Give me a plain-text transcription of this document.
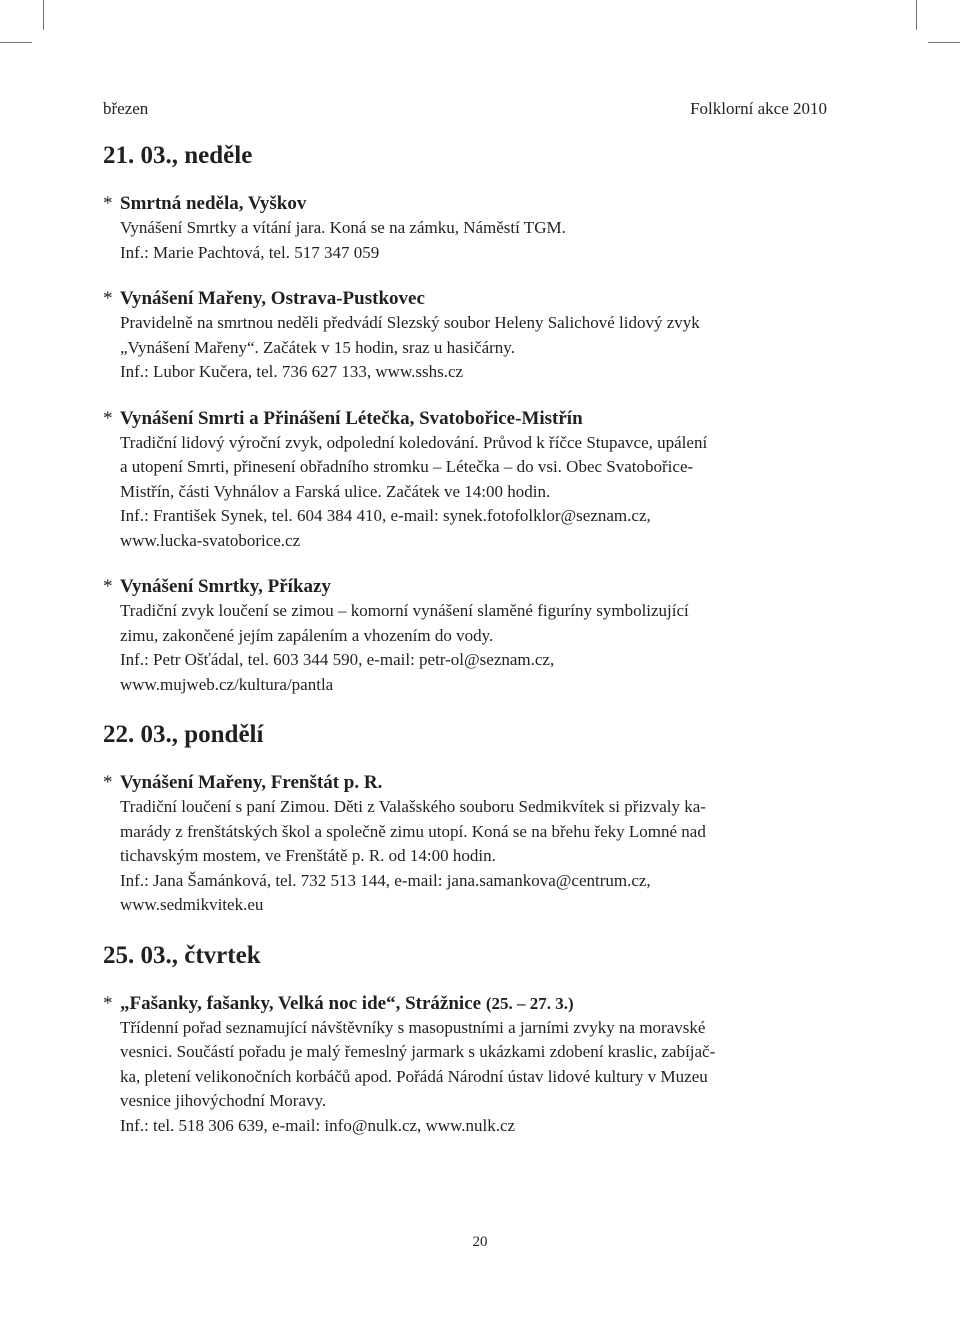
březen	Folklorní akce 2010
21. 03., neděle
* Smrtná neděla, Vyškov
Vynášení Smrtky a vítání jara. Koná se na zámku, Náměstí TGM.
Inf.: Marie Pachtová, tel. 517 347 059
* Vynášení Mařeny, Ostrava-Pustkovec
Pravidelně na smrtnou neděli předvádí Slezský soubor Heleny Salichové lidový zvyk
„Vynášení Mařeny“. Začátek v 15 hodin, sraz u hasičárny.
Inf.: Lubor Kučera, tel. 736 627 133, www.sshs.cz
* Vynášení Smrti a Přinášení Létečka, Svatobořice-Mistřín
Tradiční lidový výroční zvyk, odpolední koledování. Průvod k říčce Stupavce, upálení
a utopení Smrti, přinesení obřadního stromku – Létečka – do vsi. Obec Svatobořice-
Mistřín, části Vyhnálov a Farská ulice. Začátek ve 14:00 hodin.
Inf.: František Synek, tel. 604 384 410, e-mail: synek.fotofolklor@seznam.cz,
www.lucka-svatoborice.cz
* Vynášení Smrtky, Příkazy
Tradiční zvyk loučení se zimou – komorní vynášení slaměné figuríny symbolizující
zimu, zakončené jejím zapálením a vhozením do vody.
Inf.: Petr Ošťádal, tel. 603 344 590, e-mail: petr-ol@seznam.cz,
www.mujweb.cz/kultura/pantla
22. 03., pondělí
* Vynášení Mařeny, Frenštát p. R.
Tradiční loučení s paní Zimou. Děti z Valašského souboru Sedmikvítek si přizvaly ka-
marády z frenštátských škol a společně zimu utopí. Koná se na břehu řeky Lomné nad
tichavským mostem, ve Frenštátě p. R. od 14:00 hodin.
Inf.: Jana Šamánková, tel. 732 513 144, e-mail: jana.samankova@centrum.cz,
www.sedmikvitek.eu
25. 03., čtvrtek
* „Fašanky, fašanky, Velká noc ide“, Strážnice (25. – 27. 3.)
Třídenní pořad seznamující návštěvníky s masopustními a jarními zvyky na moravské
vesnici. Součástí pořadu je malý řemeslný jarmark s ukázkami zdobení kraslic, zabíjač-
ka, pletení velikonočních korbáčů apod. Pořádá Národní ústav lidové kultury v Muzeu
vesnice jihovýchodní Moravy.
Inf.: tel. 518 306 639, e-mail: info@nulk.cz, www.nulk.cz
20
